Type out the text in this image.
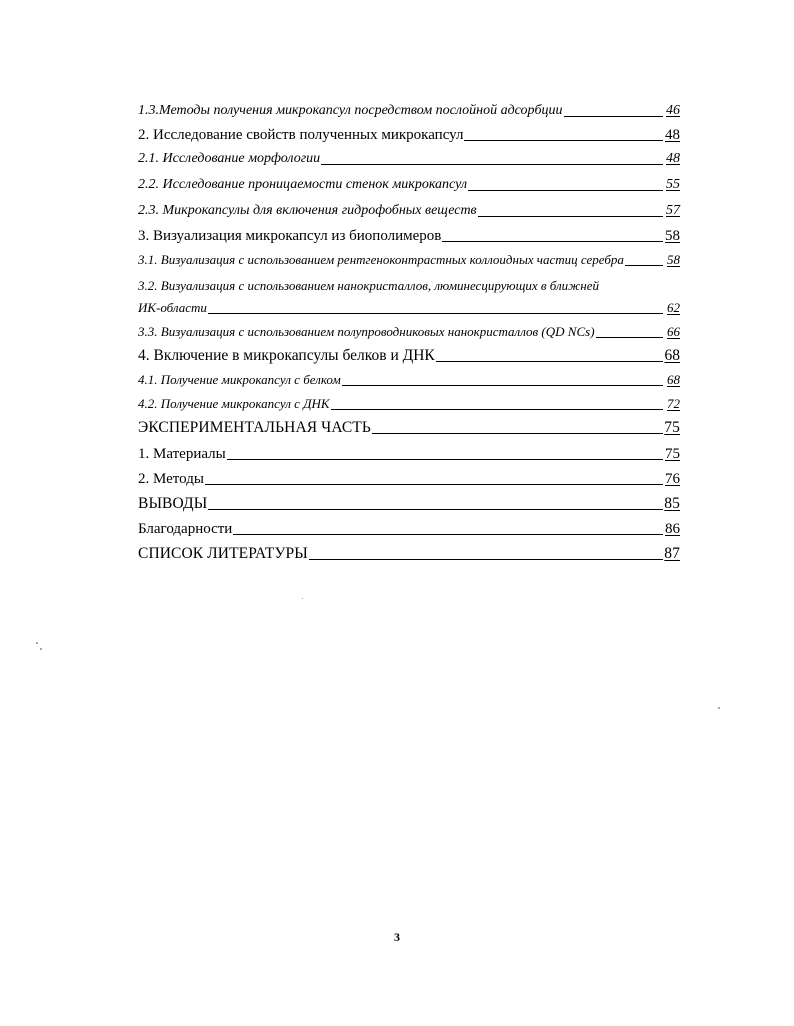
1.3.Методы получения микрокапсул посредством послойной адсорбции	46
2. Исследование свойств полученных микрокапсул	48
2.1. Исследование морфологии	48
2.2. Исследование проницаемости стенок микрокапсул	55
2.3. Микрокапсулы для включения гидрофобных веществ	57
3. Визуализация микрокапсул из биополимеров	58
3.1. Визуализация с использованием рентгеноконтрастных коллоидных частиц серебра	58
3.2. Визуализация с использованием нанокристаллов, люминесцирующих в ближней
ИК-области	62
3.3. Визуализация с использованием полупроводниковых нанокристаллов (QD NCs)	66
4. Включение в микрокапсулы белков и ДНК	68
4.1. Получение микрокапсул с белком	68
4.2. Получение микрокапсул с ДНК	72
ЭКСПЕРИМЕНТАЛЬНАЯ ЧАСТЬ	75
1. Материалы	75
2. Методы	76
ВЫВОДЫ	85
Благодарности	86
СПИСОК ЛИТЕРАТУРЫ	87
3
